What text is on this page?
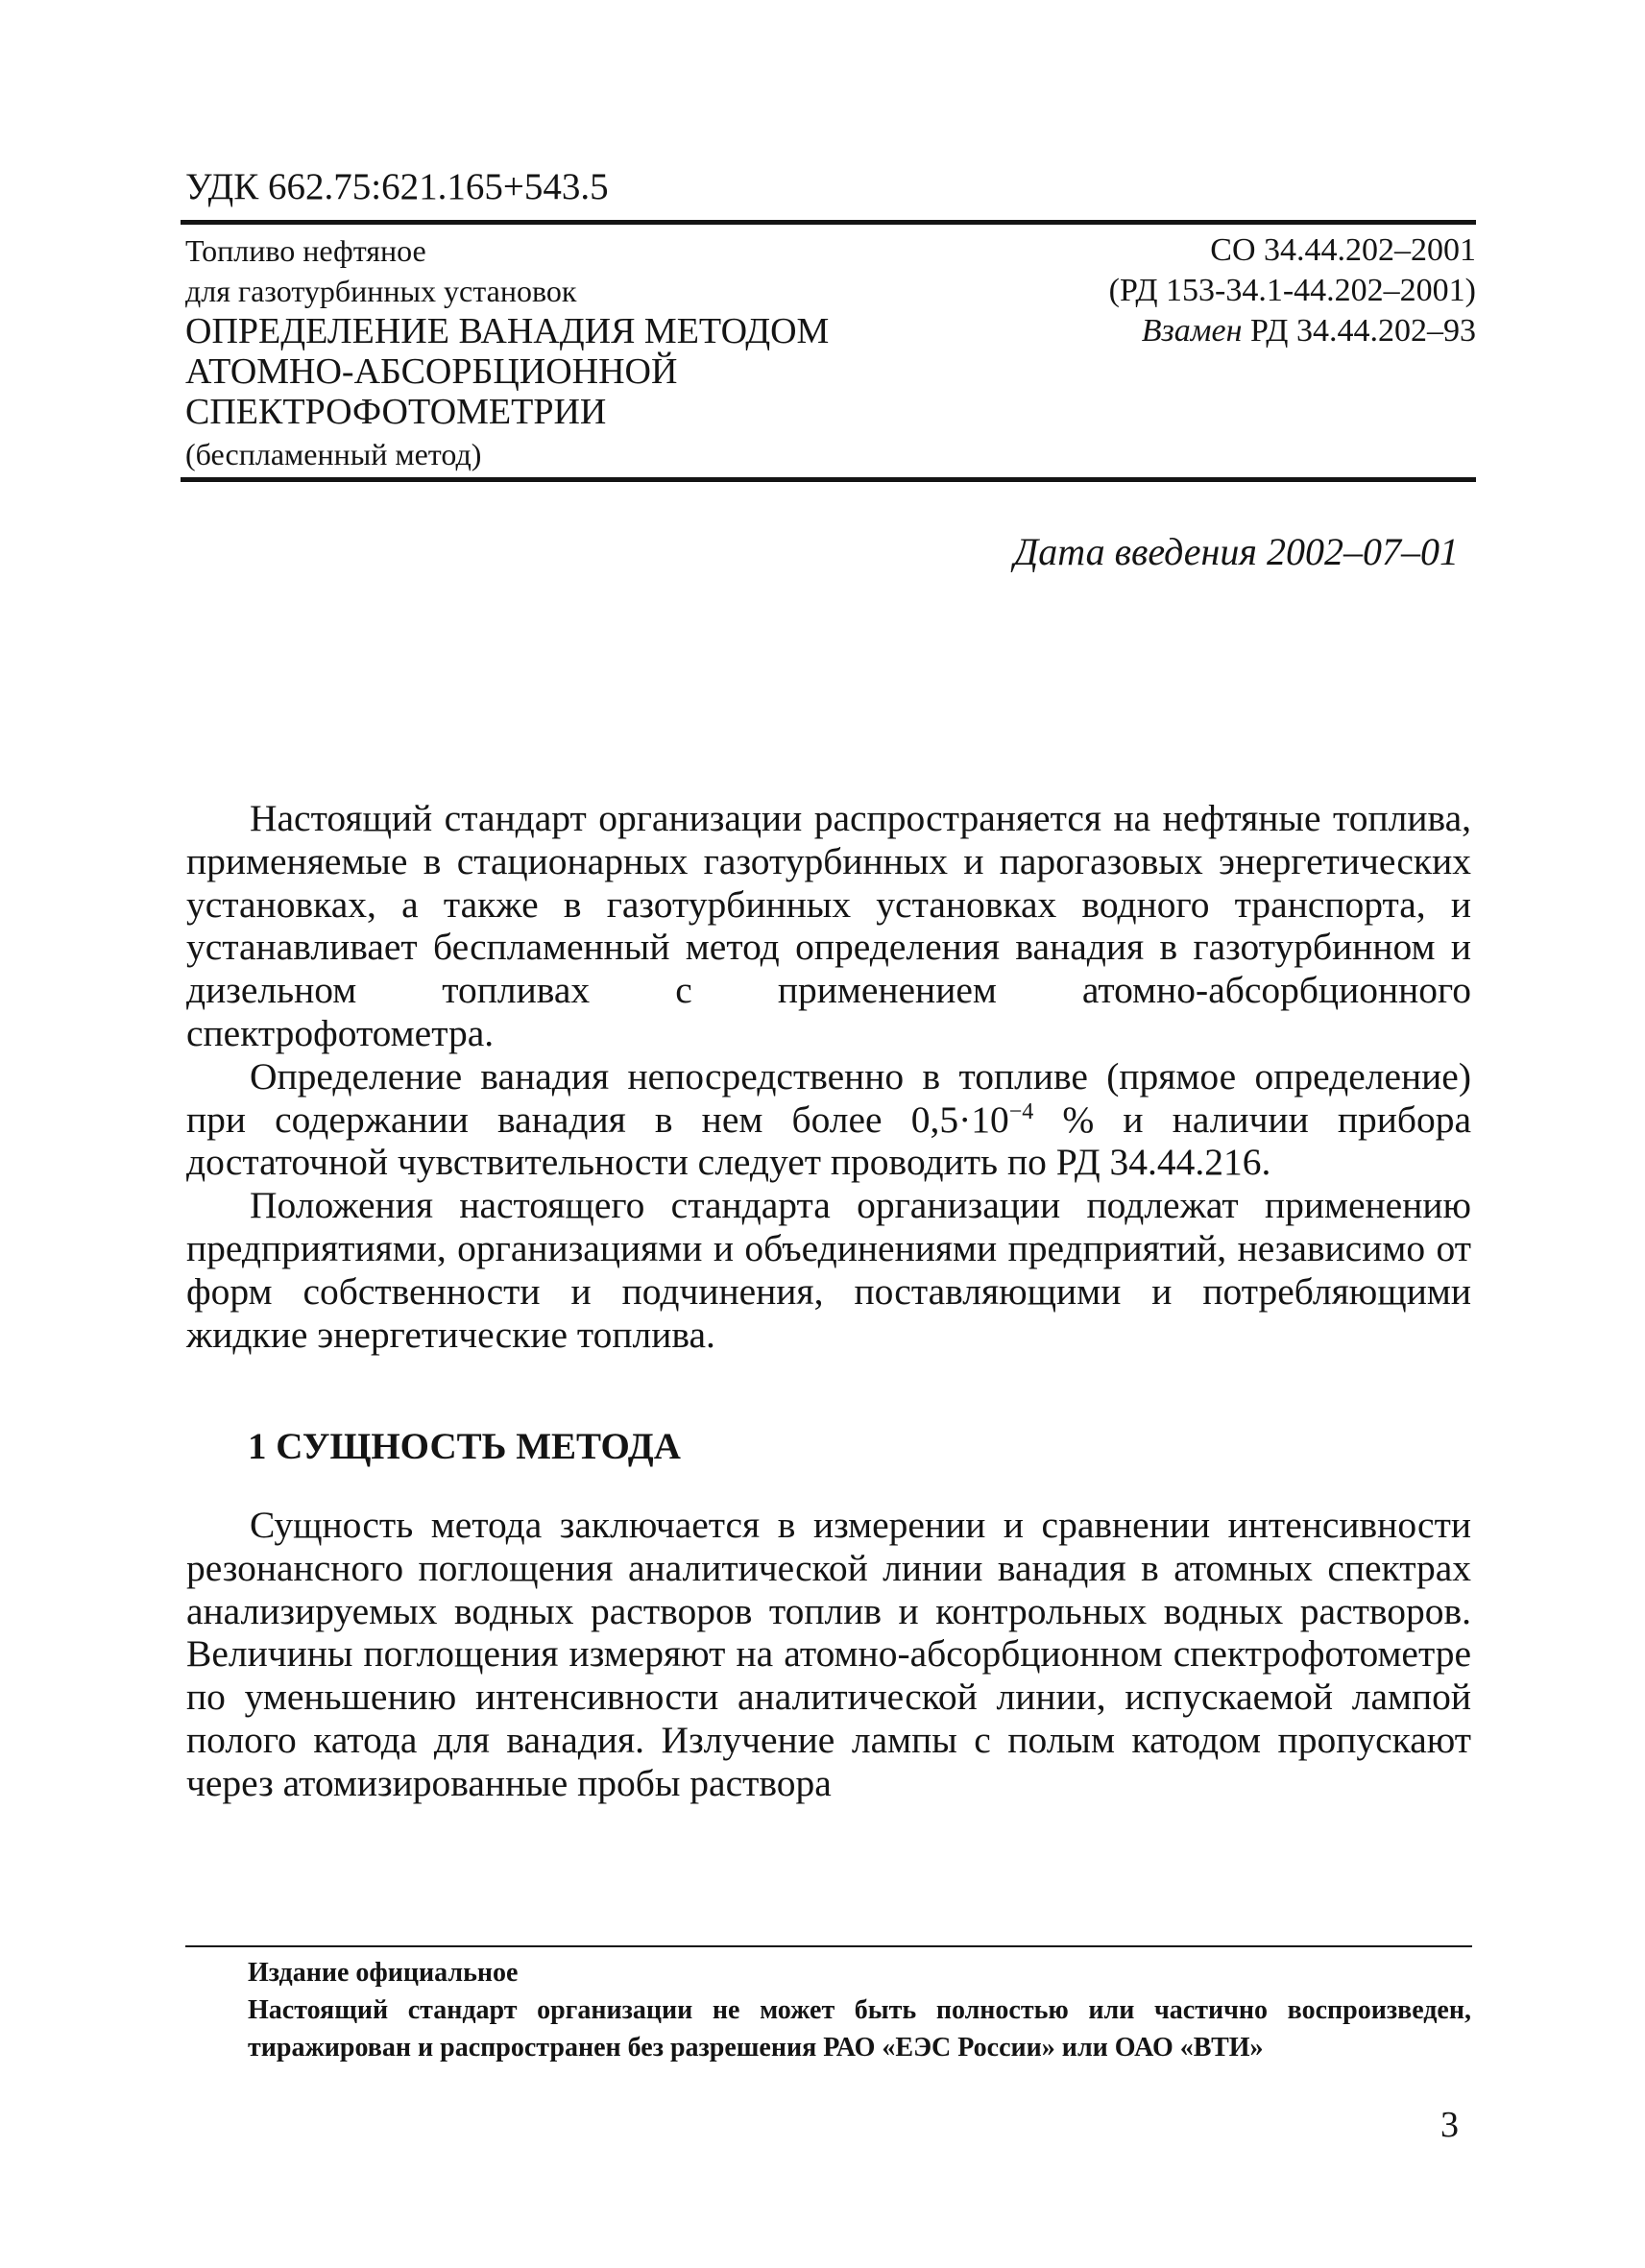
УДК 662.75:621.165+543.5
Топливо нефтяное
для газотурбинных установок
ОПРЕДЕЛЕНИЕ ВАНАДИЯ МЕТОДОМ
АТОМНО-АБСОРБЦИОННОЙ
СПЕКТРОФОТОМЕТРИИ
(беспламенный метод)
СО 34.44.202–2001
(РД 153-34.1-44.202–2001)
Взамен РД 34.44.202–93
Дата введения 2002–07–01

Настоящий стандарт организации распространяется на нефтяные топлива, применяемые в стационарных газотурбинных и парогазовых энергетических установках, а также в газотурбинных установках водного транспорта, и устанавливает беспламенный метод определения ванадия в газотурбинном и дизельном топливах с применением атомно-абсорбционного спектрофотометра.

Определение ванадия непосредственно в топливе (прямое определение) при содержании ванадия в нем более $0,5\cdot 10^{-4}$ % и наличии прибора достаточной чувствительности следует проводить по РД 34.44.216.

Положения настоящего стандарта организации подлежат применению предприятиями, организациями и объединениями предприятий, независимо от форм собственности и подчинения, поставляющими и потребляющими жидкие энергетические топлива.

1 СУЩНОСТЬ МЕТОДА

Сущность метода заключается в измерении и сравнении интенсивности резонансного поглощения аналитической линии ванадия в атомных спектрах анализируемых водных растворов топлив и контрольных водных растворов. Величины поглощения измеряют на атомно-абсорбционном спектрофотометре по уменьшению интенсивности аналитической линии, испускаемой лампой полого катода для ванадия. Излучение лампы с полым катодом пропускают через атомизированные пробы раствора

Издание официальное
Настоящий стандарт организации не может быть полностью или частично воспроизведен, тиражирован и распространен без разрешения РАО «ЕЭС России» или ОАО «ВТИ»
3
